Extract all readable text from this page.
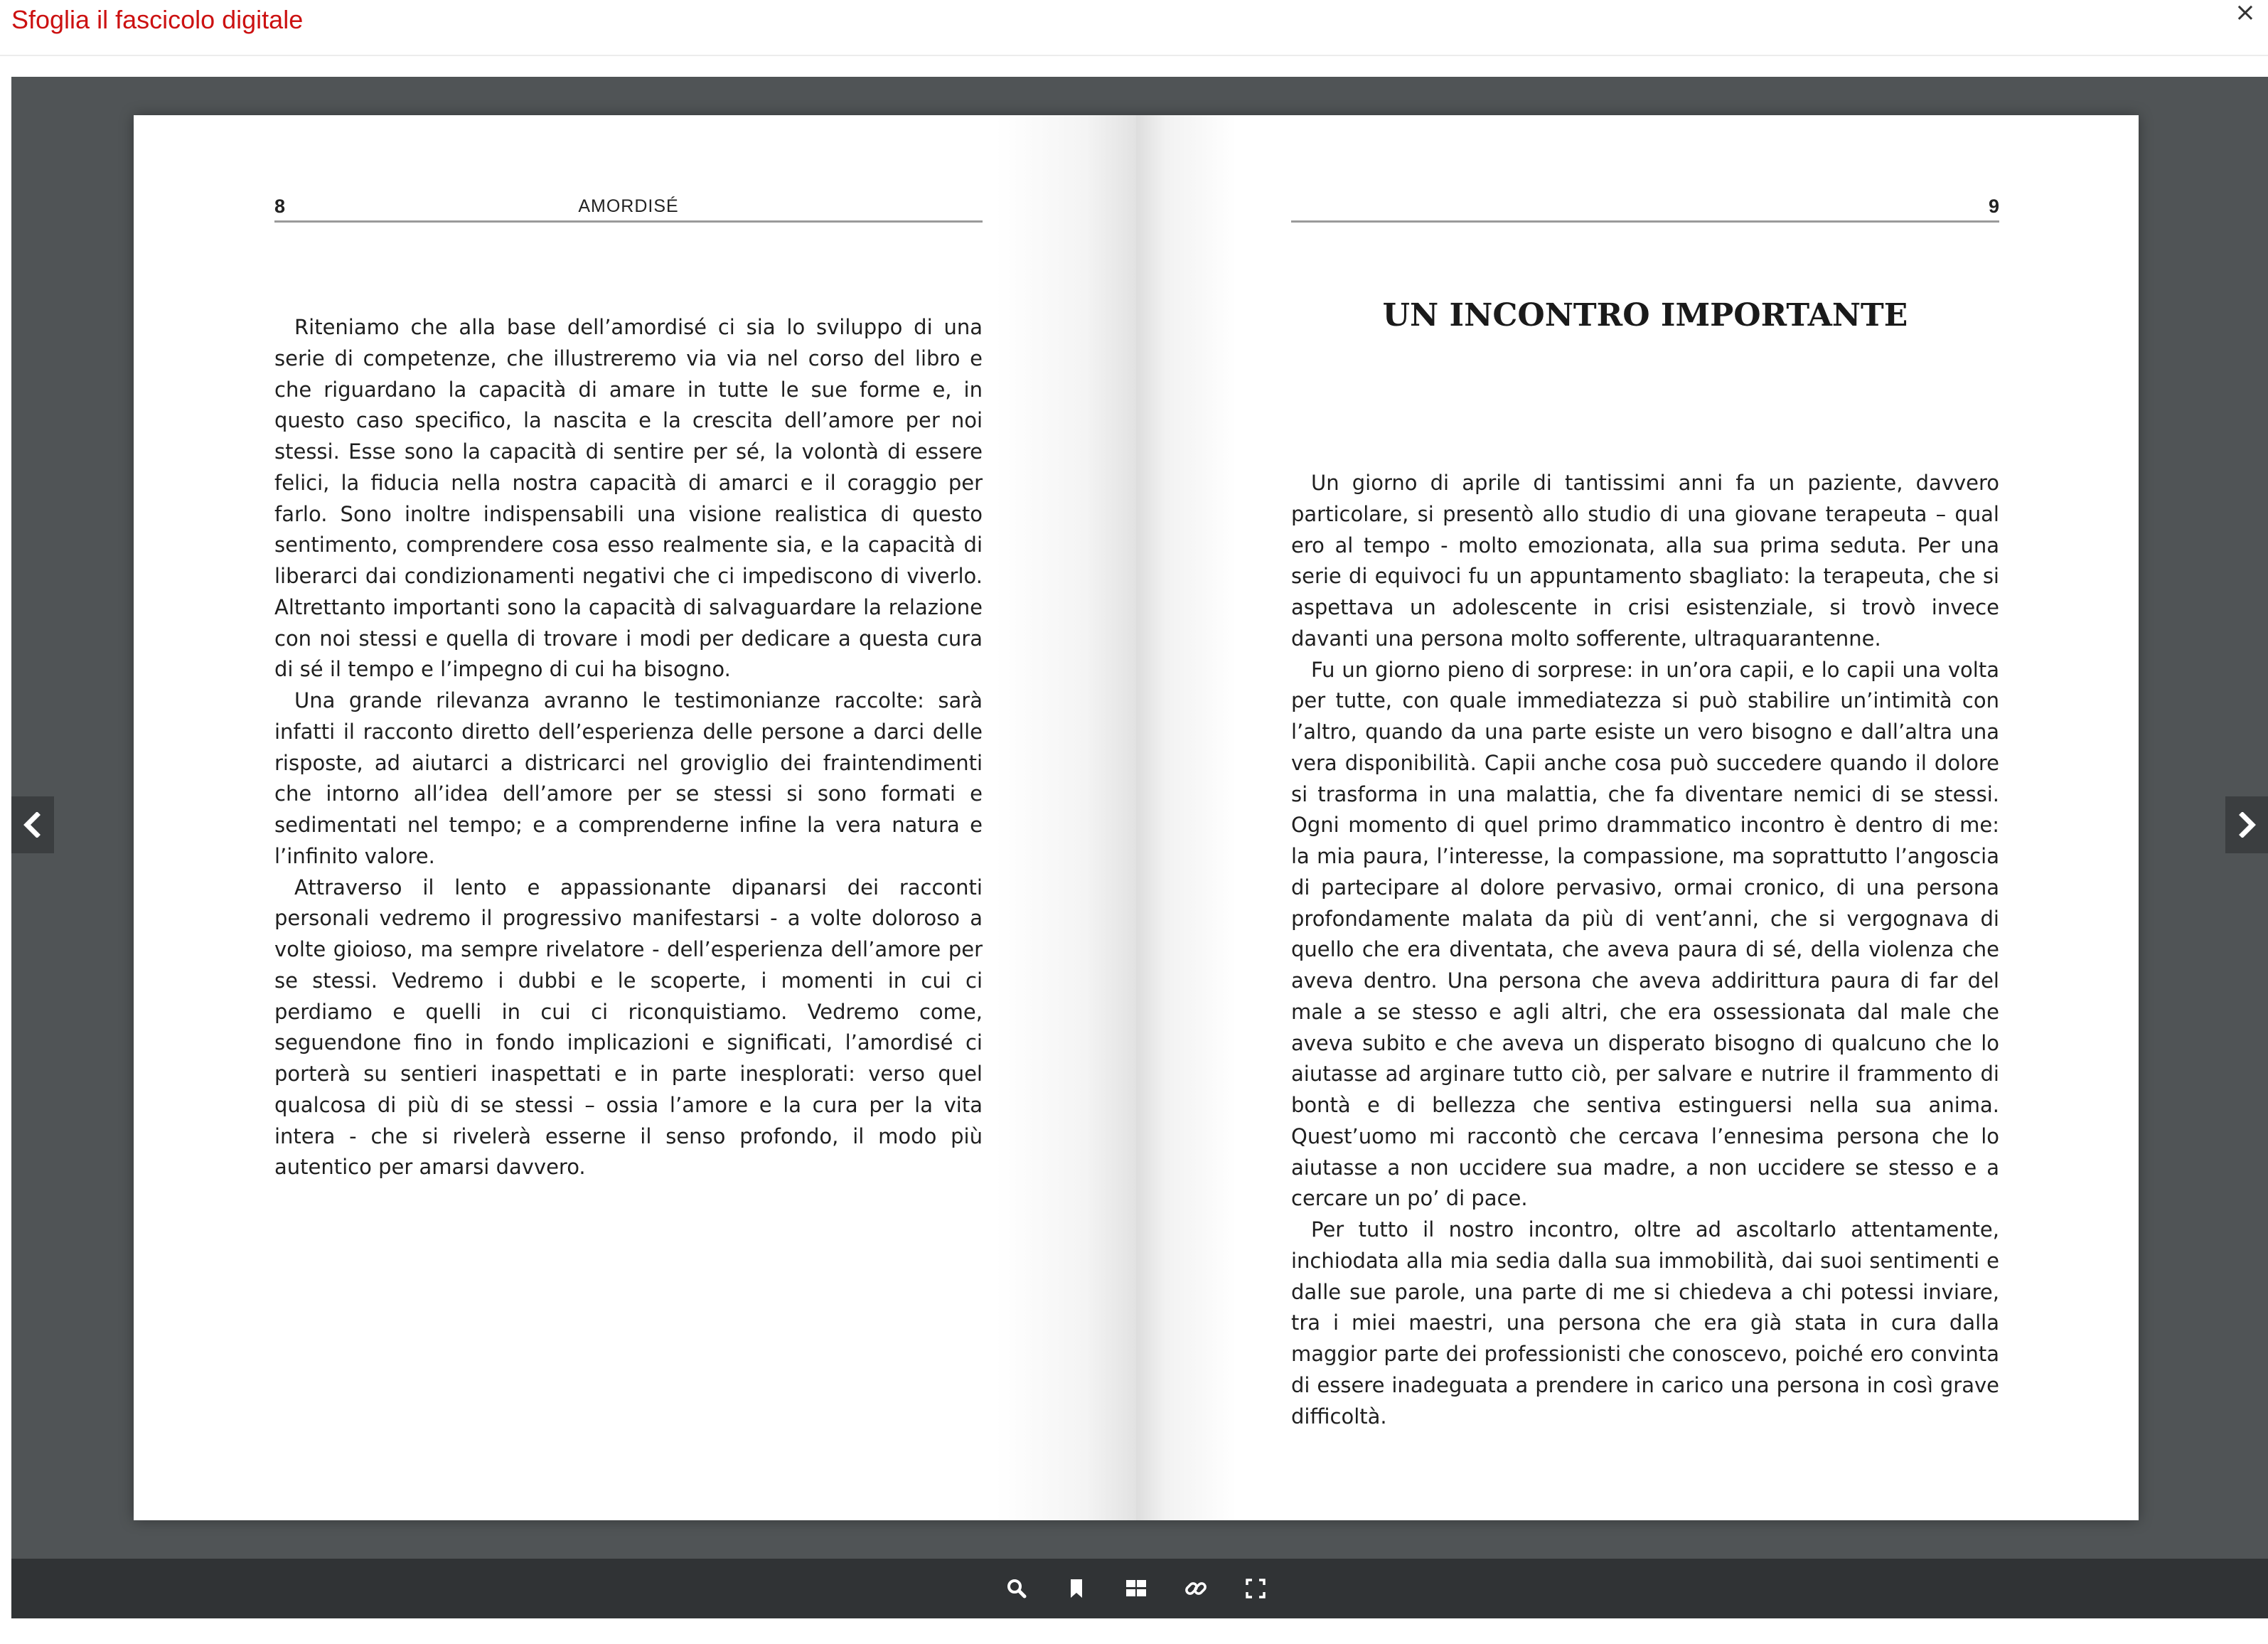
Sfoglia il fascicolo digitale	×
8	AMORDISÉ

Riteniamo che alla base dell’amordisé ci sia lo sviluppo di una serie di competenze, che illustreremo via via nel corso del libro e che riguardano la capacità di amare in tutte le sue forme e, in questo caso specifico, la nascita e la crescita dell’amore per noi stessi. Esse sono la capacità di sentire per sé, la volontà di essere felici, la fiducia nella nostra capacità di amarci e il coraggio per farlo. Sono inoltre indispensabili una visione realistica di questo sentimento, comprendere cosa esso realmente sia, e la capacità di liberarci dai condizionamenti negativi che ci impediscono di viverlo. Altrettanto importanti sono la capacità di salvaguardare la relazione con noi stessi e quella di trovare i modi per dedicare a questa cura di sé il tempo e l’impegno di cui ha bisogno.

Una grande rilevanza avranno le testimonianze raccolte: sarà infatti il racconto diretto dell’esperienza delle persone a darci delle risposte, ad aiutarci a districarci nel groviglio dei fraintendimenti che intorno all’idea dell’amore per se stessi si sono formati e sedimentati nel tempo; e a comprenderne infine la vera natura e l’infinito valore.

Attraverso il lento e appassionante dipanarsi dei racconti personali vedremo il progressivo manifestarsi - a volte doloroso a volte gioioso, ma sempre rivelatore - dell’esperienza dell’amore per se stessi. Vedremo i dubbi e le scoperte, i momenti in cui ci perdiamo e quelli in cui ci riconquistiamo. Vedremo come, seguendone fino in fondo implicazioni e significati, l’amordisé ci porterà su sentieri inaspettati e in parte inesplorati: verso quel qualcosa di più di se stessi – ossia l’amore e la cura per la vita intera - che si rivelerà esserne il senso profondo, il modo più autentico per amarsi davvero.

9
UN INCONTRO IMPORTANTE

Un giorno di aprile di tantissimi anni fa un paziente, davvero particolare, si presentò allo studio di una giovane terapeuta – qual ero al tempo - molto emozionata, alla sua prima seduta. Per una serie di equivoci fu un appuntamento sbagliato: la terapeuta, che si aspettava un adolescente in crisi esistenziale, si trovò invece davanti una persona molto sofferente, ultraquarantenne.

Fu un giorno pieno di sorprese: in un’ora capii, e lo capii una volta per tutte, con quale immediatezza si può stabilire un’intimità con l’altro, quando da una parte esiste un vero bisogno e dall’altra una vera disponibilità. Capii anche cosa può succedere quando il dolore si trasforma in una malattia, che fa diventare nemici di se stessi. Ogni momento di quel primo drammatico incontro è dentro di me: la mia paura, l’interesse, la compassione, ma soprattutto l’angoscia di partecipare al dolore pervasivo, ormai cronico, di una persona profondamente malata da più di vent’anni, che si vergognava di quello che era diventata, che aveva paura di sé, della violenza che aveva dentro. Una persona che aveva addirittura paura di far del male a se stesso e agli altri, che era ossessionata dal male che aveva subito e che aveva un disperato bisogno di qualcuno che lo aiutasse ad arginare tutto ciò, per salvare e nutrire il frammento di bontà e di bellezza che sentiva estinguersi nella sua anima. Quest’uomo mi raccontò che cercava l’ennesima persona che lo aiutasse a non uccidere sua madre, a non uccidere se stesso e a cercare un po’ di pace.

Per tutto il nostro incontro, oltre ad ascoltarlo attentamente, inchiodata alla mia sedia dalla sua immobilità, dai suoi sentimenti e dalle sue parole, una parte di me si chiedeva a chi potessi inviare, tra i miei maestri, una persona che era già stata in cura dalla maggior parte dei professionisti che conoscevo, poiché ero convinta di essere inadeguata a prendere in carico una persona in così grave difficoltà.
